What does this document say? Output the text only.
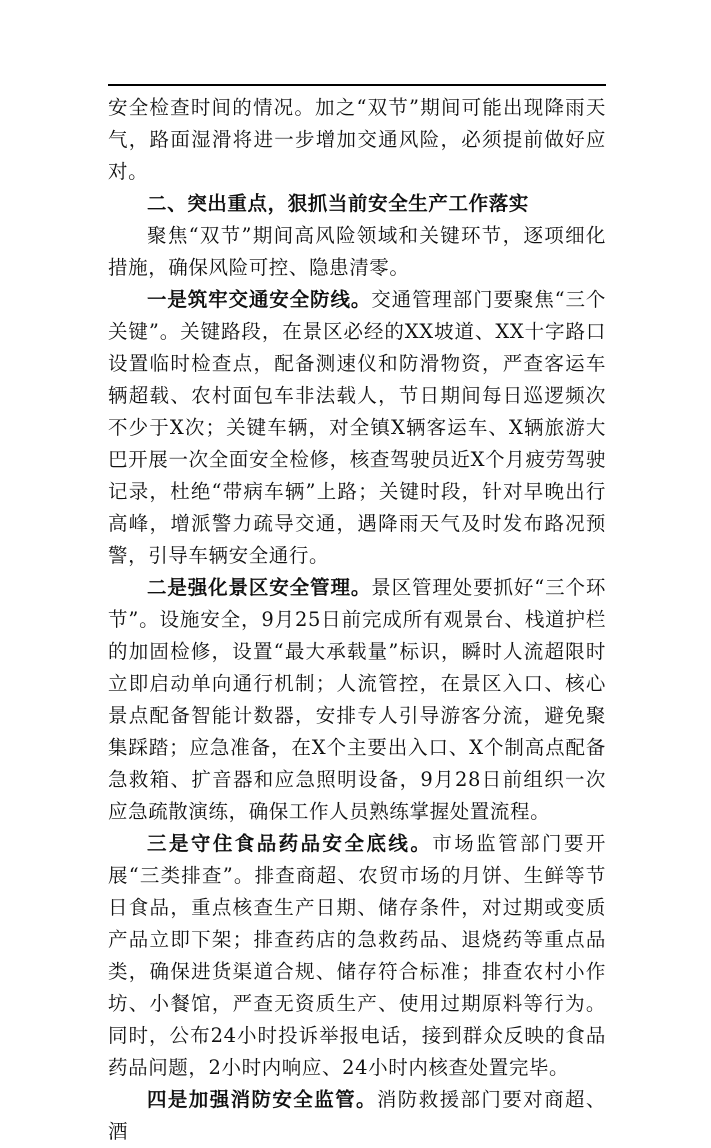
安全检查时间的情况。加之“双节”期间可能出现降雨天气，路面湿滑将进一步增加交通风险，必须提前做好应对。

二、突出重点，狠抓当前安全生产工作落实

聚焦“双节”期间高风险领域和关键环节，逐项细化措施，确保风险可控、隐患清零。

一是筑牢交通安全防线。交通管理部门要聚焦“三个关键”。关键路段，在景区必经的XX坡道、XX十字路口设置临时检查点，配备测速仪和防滑物资，严查客运车辆超载、农村面包车非法载人，节日期间每日巡逻频次不少于X次；关键车辆，对全镇X辆客运车、X辆旅游大巴开展一次全面安全检修，核查驾驶员近X个月疲劳驾驶记录，杜绝“带病车辆”上路；关键时段，针对早晚出行高峰，增派警力疏导交通，遇降雨天气及时发布路况预警，引导车辆安全通行。

二是强化景区安全管理。景区管理处要抓好“三个环节”。设施安全，9月25日前完成所有观景台、栈道护栏的加固检修，设置“最大承载量”标识，瞬时人流超限时立即启动单向通行机制；人流管控，在景区入口、核心景点配备智能计数器，安排专人引导游客分流，避免聚集踩踏；应急准备，在X个主要出入口、X个制高点配备急救箱、扩音器和应急照明设备，9月28日前组织一次应急疏散演练，确保工作人员熟练掌握处置流程。

三是守住食品药品安全底线。市场监管部门要开展“三类排查”。排查商超、农贸市场的月饼、生鲜等节日食品，重点核查生产日期、储存条件，对过期或变质产品立即下架；排查药店的急救药品、退烧药等重点品类，确保进货渠道合规、储存符合标准；排查农村小作坊、小餐馆，严查无资质生产、使用过期原料等行为。同时，公布24小时投诉举报电话，接到群众反映的食品药品问题，2小时内响应、24小时内核查处置完毕。

四是加强消防安全监管。消防救援部门要对商超、酒
